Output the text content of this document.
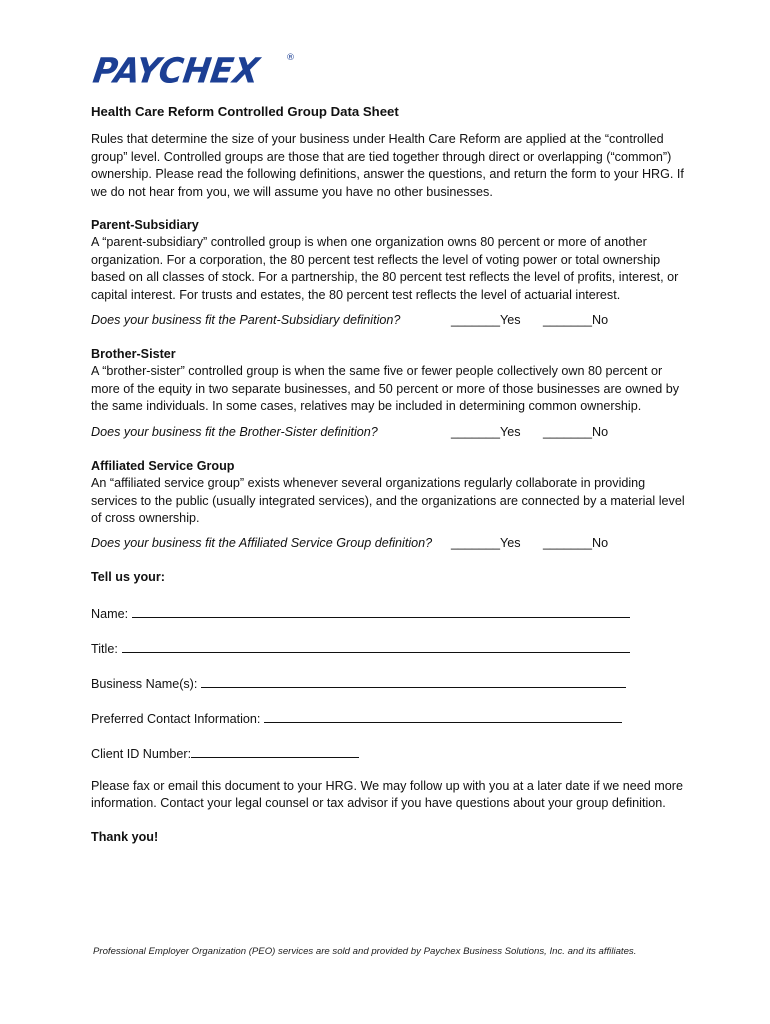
PAYCHEX	®

Health Care Reform Controlled Group Data Sheet

Rules that determine the size of your business under Health Care Reform are applied at the “controlled group” level. Controlled groups are those that are tied together through direct or overlapping (“common”) ownership. Please read the following definitions, answer the questions, and return the form to your HRG. If we do not hear from you, we will assume you have no other businesses.

Parent-Subsidiary

A “parent-subsidiary” controlled group is when one organization owns 80 percent or more of another organization. For a corporation, the 80 percent test reflects the level of voting power or total ownership based on all classes of stock. For a partnership, the 80 percent test reflects the level of profits, interest, or capital interest. For trusts and estates, the 80 percent test reflects the level of actuarial interest.

Does your business fit the Parent-Subsidiary definition?	_______Yes _______No

Brother-Sister

A “brother-sister” controlled group is when the same five or fewer people collectively own 80 percent or more of the equity in two separate businesses, and 50 percent or more of those businesses are owned by the same individuals. In some cases, relatives may be included in determining common ownership.

Does your business fit the Brother-Sister definition?	_______Yes _______No

Affiliated Service Group

An “affiliated service group” exists whenever several organizations regularly collaborate in providing services to the public (usually integrated services), and the organizations are connected by a material level of cross ownership.

Does your business fit the Affiliated Service Group definition? _______Yes _______No

Tell us your:

Name:
Title:
Business Name(s):
Preferred Contact Information:
Client ID Number:

Please fax or email this document to your HRG. We may follow up with you at a later date if we need more information. Contact your legal counsel or tax advisor if you have questions about your group definition.

Thank you!

Professional Employer Organization (PEO) services are sold and provided by Paychex Business Solutions, Inc. and its affiliates.
